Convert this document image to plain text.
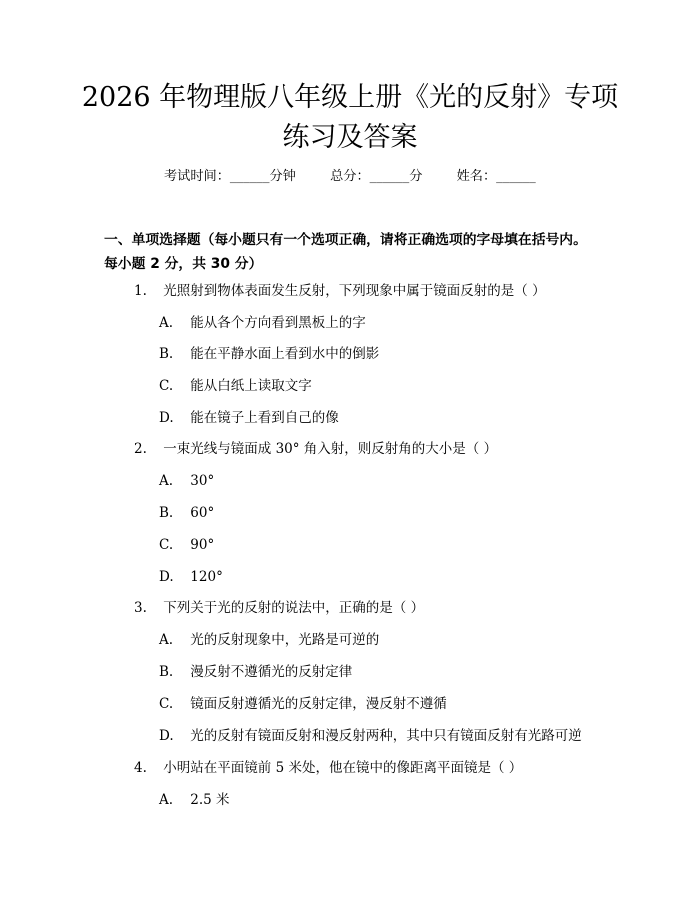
2026 年物理版八年级上册《光的反射》专项
练习及答案
考试时间：______分钟	总分：______分	姓名：______
一、单项选择题（每小题只有一个选项正确，请将正确选项的字母填在括号内。每小题 2 分，共 30 分）
1. 光照射到物体表面发生反射，下列现象中属于镜面反射的是（ ）
A. 能从各个方向看到黑板上的字
B. 能在平静水面上看到水中的倒影
C. 能从白纸上读取文字
D. 能在镜子上看到自己的像
2. 一束光线与镜面成 30° 角入射，则反射角的大小是（ ）
A. 30°
B. 60°
C. 90°
D. 120°
3. 下列关于光的反射的说法中，正确的是（ ）
A. 光的反射现象中，光路是可逆的
B. 漫反射不遵循光的反射定律
C. 镜面反射遵循光的反射定律，漫反射不遵循
D. 光的反射有镜面反射和漫反射两种，其中只有镜面反射有光路可逆
4. 小明站在平面镜前 5 米处，他在镜中的像距离平面镜是（ ）
A. 2.5 米
